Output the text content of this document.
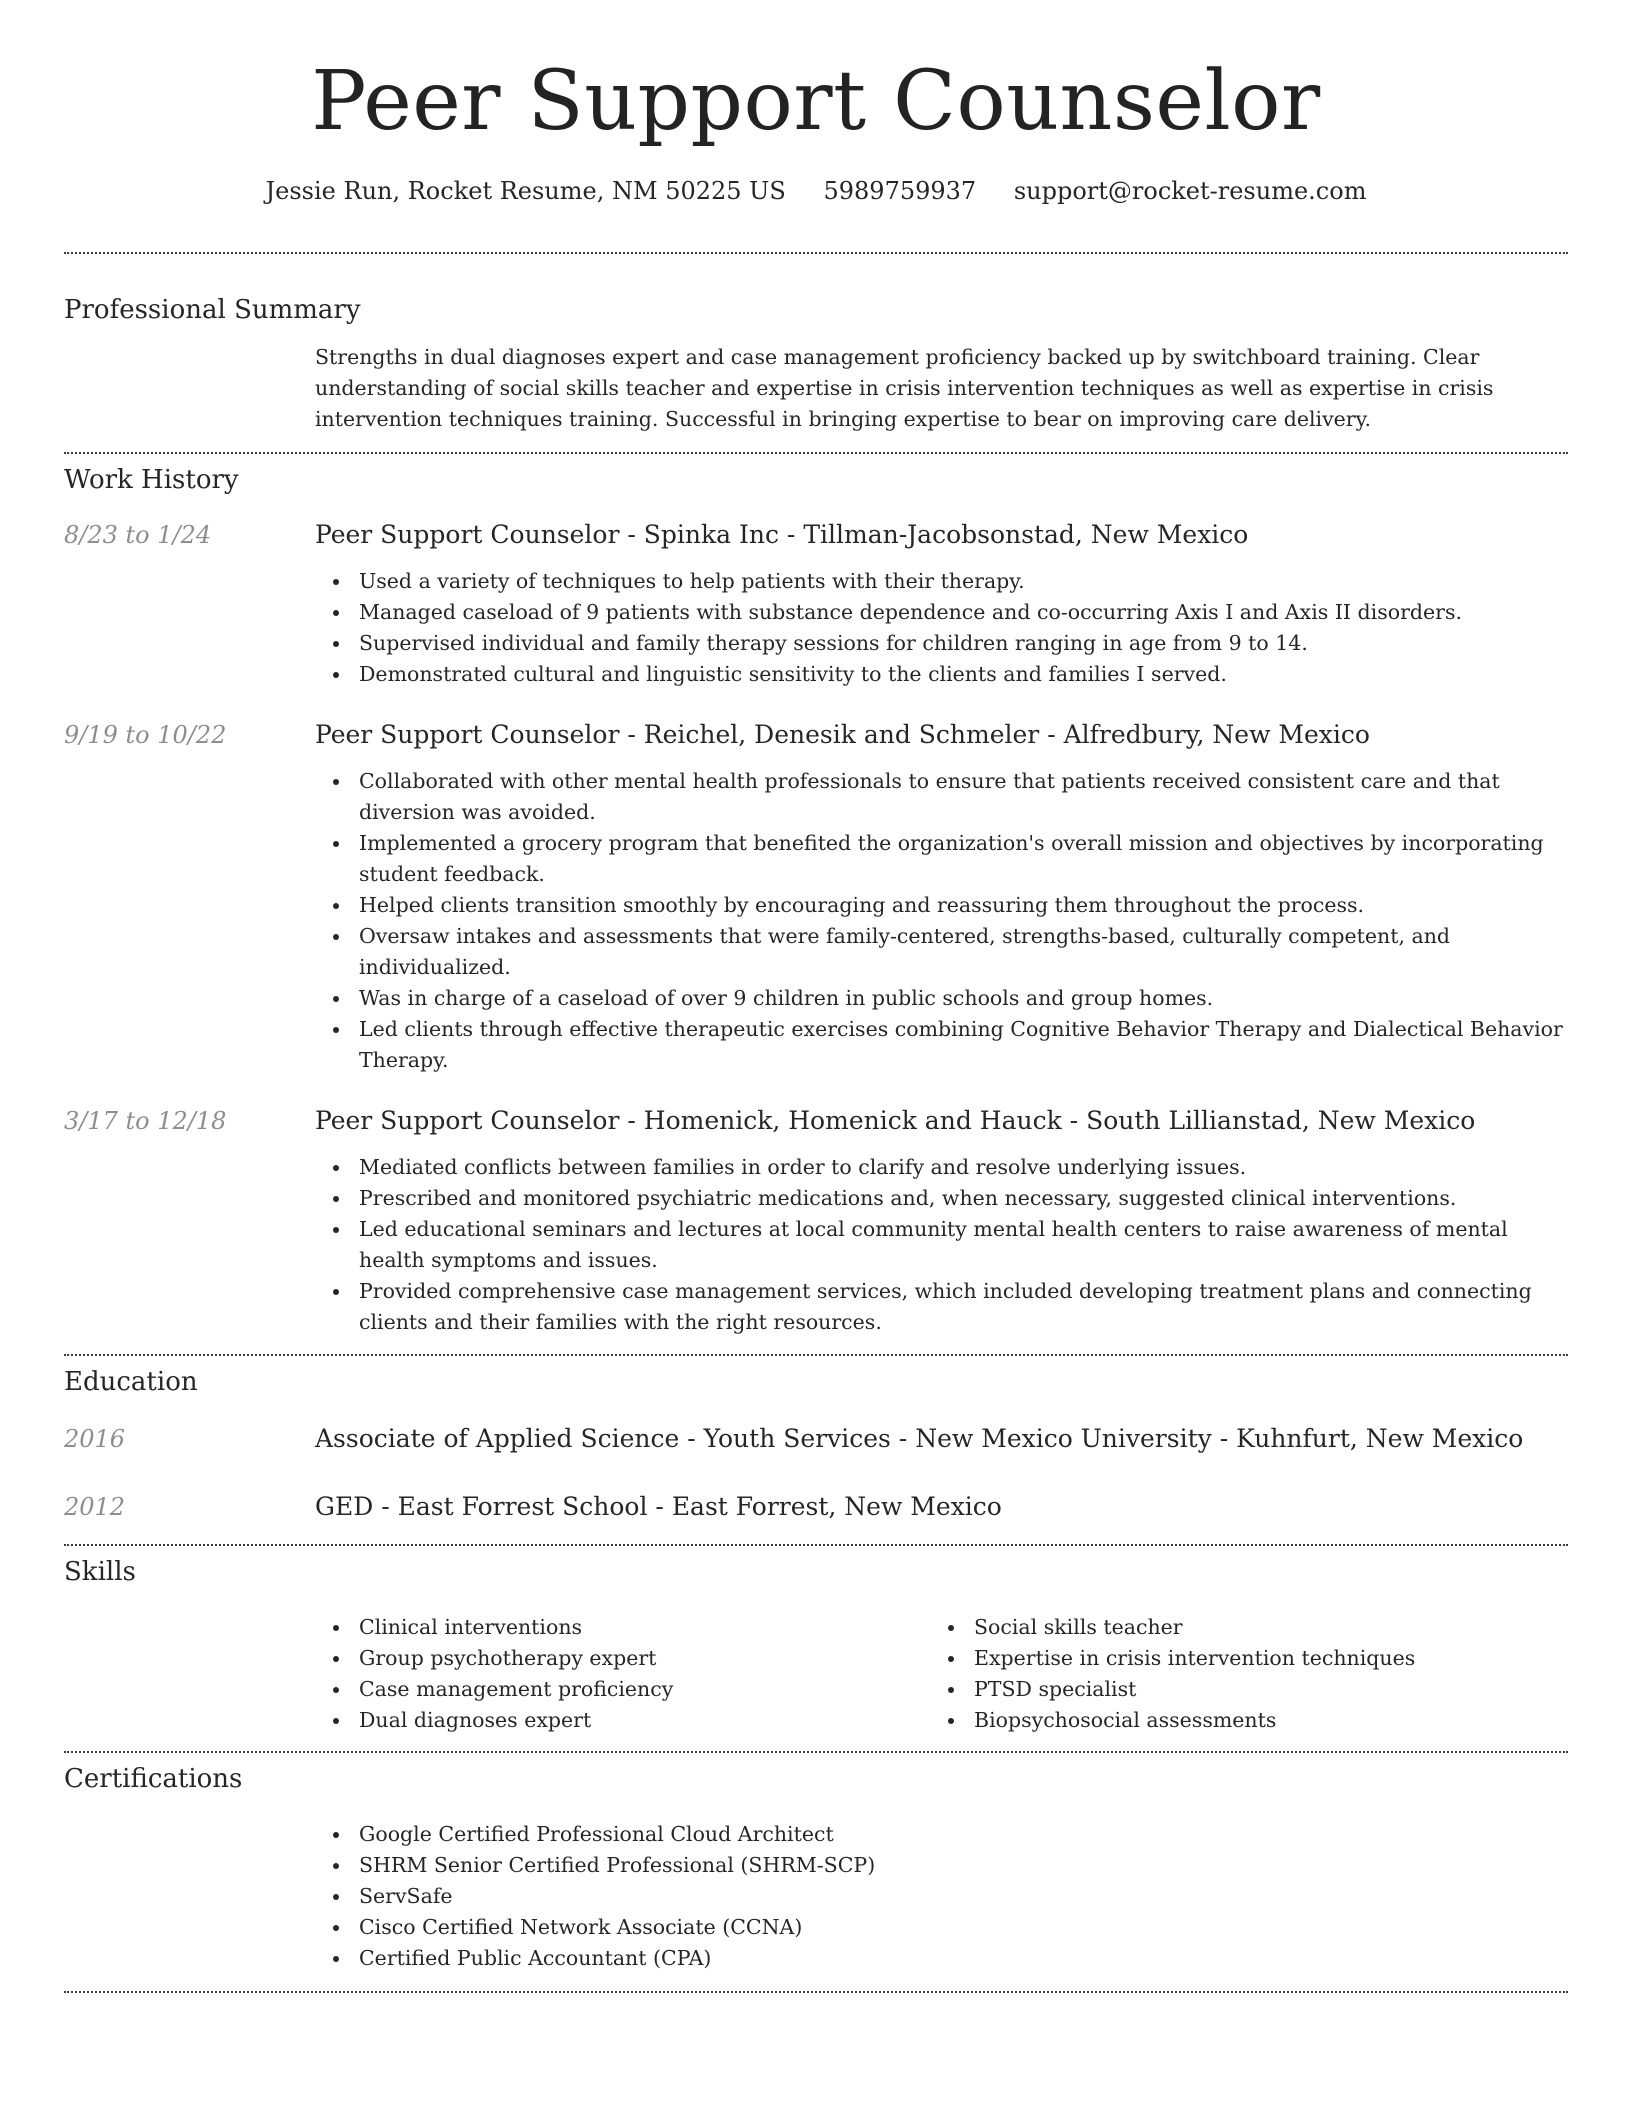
Peer Support Counselor
Jessie Run, Rocket Resume, NM 50225 US 5989759937 support@rocket-resume.com
Professional Summary

Strengths in dual diagnoses expert and case management proficiency backed up by switchboard training. Clear understanding of social skills teacher and expertise in crisis intervention techniques as well as expertise in crisis intervention techniques training. Successful in bringing expertise to bear on improving care delivery.

Work History
8/23 to 1/24	Peer Support Counselor - Spinka Inc - Tillman-Jacobsonstad, New Mexico
Used a variety of techniques to help patients with their therapy.
Managed caseload of 9 patients with substance dependence and co-occurring Axis I and Axis II disorders.
Supervised individual and family therapy sessions for children ranging in age from 9 to 14.
Demonstrated cultural and linguistic sensitivity to the clients and families I served.
9/19 to 10/22	Peer Support Counselor - Reichel, Denesik and Schmeler - Alfredbury, New Mexico
Collaborated with other mental health professionals to ensure that patients received consistent care and that diversion was avoided.
Implemented a grocery program that benefited the organization's overall mission and objectives by incorporating student feedback.
Helped clients transition smoothly by encouraging and reassuring them throughout the process.
Oversaw intakes and assessments that were family-centered, strengths-based, culturally competent, and individualized.
Was in charge of a caseload of over 9 children in public schools and group homes.
Led clients through effective therapeutic exercises combining Cognitive Behavior Therapy and Dialectical Behavior Therapy.
3/17 to 12/18	Peer Support Counselor - Homenick, Homenick and Hauck - South Lillianstad, New Mexico
Mediated conflicts between families in order to clarify and resolve underlying issues.
Prescribed and monitored psychiatric medications and, when necessary, suggested clinical interventions.
Led educational seminars and lectures at local community mental health centers to raise awareness of mental health symptoms and issues.
Provided comprehensive case management services, which included developing treatment plans and connecting clients and their families with the right resources.
Education
2016	Associate of Applied Science - Youth Services - New Mexico University - Kuhnfurt, New Mexico
2012	GED - East Forrest School - East Forrest, New Mexico
Skills
Clinical interventions
Group psychotherapy expert
Case management proficiency
Dual diagnoses expert
Social skills teacher
Expertise in crisis intervention techniques
PTSD specialist
Biopsychosocial assessments
Certifications
Google Certified Professional Cloud Architect
SHRM Senior Certified Professional (SHRM-SCP)
ServSafe
Cisco Certified Network Associate (CCNA)
Certified Public Accountant (CPA)
